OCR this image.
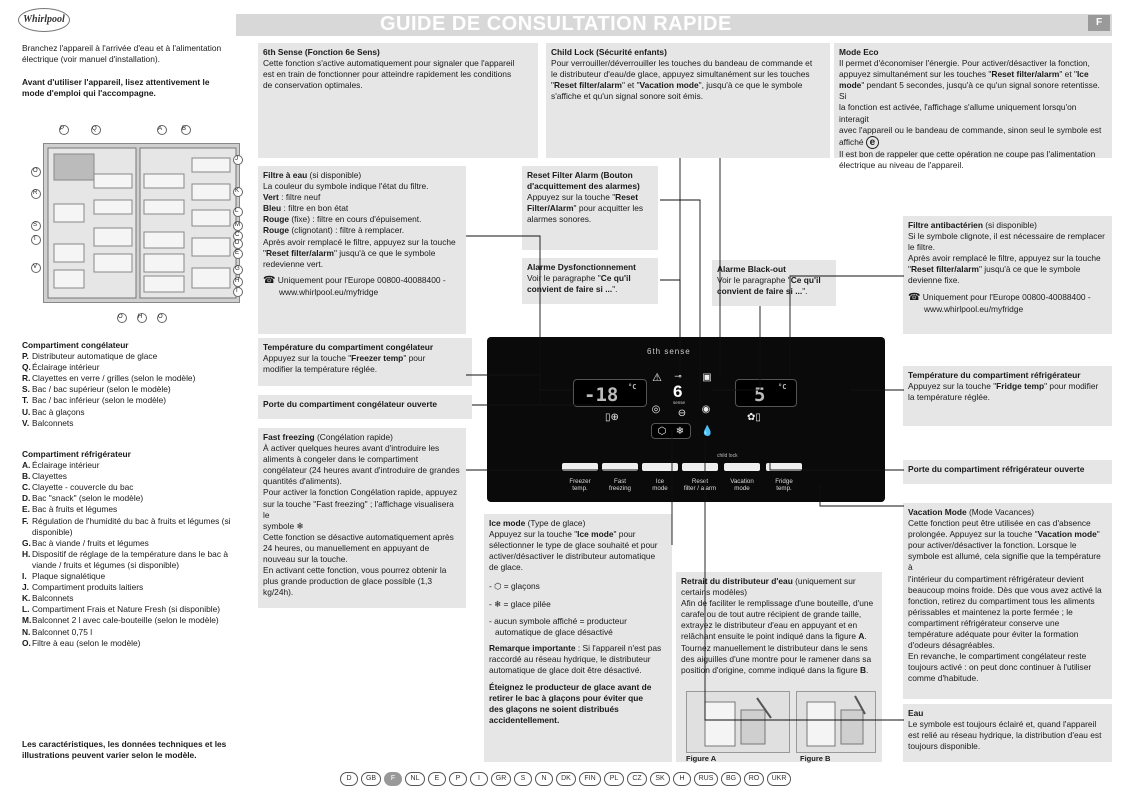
Whirlpool	GUIDE DE CONSULTATION RAPIDE	F
Branchez l'appareil à l'arrivée d'eau et à l'alimentation
électrique (voir manuel d'installation).
Avant d'utiliser l'appareil, lisez attentivement le
mode d'emploi qui l'accompagne.
P	Q	A	B
O
R
S
T
V
J
K
L
M
C
D
E
G
H
I
O	H	O
Compartiment congélateur
P. Distributeur automatique de glace
Q.Éclairage intérieur
R. Clayettes en verre / grilles (selon le modèle)
S. Bac / bac supérieur (selon le modèle)
T. Bac / bac inférieur (selon le modèle)
U. Bac à glaçons
V. Balconnets
Compartiment réfrigérateur
A. Éclairage intérieur
B. Clayettes
C. Clayette - couvercle du bac
D. Bac "snack" (selon le modèle)
E. Bac à fruits et légumes
F. Régulation de l'humidité du bac à fruits et légumes (si
disponible)
G.Bac à viande / fruits et légumes
H. Dispositif de réglage de la température dans le bac à
viande / fruits et légumes (si disponible)
I. Plaque signalétique
J. Compartiment produits laitiers
K. Balconnets
L. Compartiment Frais et Nature Fresh (si disponible)
M.Balconnet 2 l avec cale-bouteille (selon le modèle)
N. Balconnet 0,75 l
O.Filtre à eau (selon le modèle)
Les caractéristiques, les données techniques et les
illustrations peuvent varier selon le modèle.
6th Sense (Fonction 6e Sens)

Cette fonction s'active automatiquement pour signaler que l'appareil

est en train de fonctionner pour atteindre rapidement les conditions

de conservation optimales.

Child Lock (Sécurité enfants)

Pour verrouiller/déverrouiller les touches du bandeau de commande et

le distributeur d'eau/de glace, appuyez simultanément sur les touches

"Reset filter/alarm" et "Vacation mode", jusqu'à ce que le symbole

s'affiche et qu'un signal sonore soit émis.

Mode Eco

Il permet d'économiser l'énergie. Pour activer/désactiver la fonction,

appuyez simultanément sur les touches "Reset filter/alarm" et "Ice

mode" pendant 5 secondes, jusqu'à ce qu'un signal sonore retentisse. Si

la fonction est activée, l'affichage s'allume uniquement lorsqu'on interagit

avec l'appareil ou le bandeau de commande, sinon seul le symbole est

affiché e

Il est bon de rappeler que cette opération ne coupe pas l'alimentation

électrique au niveau de l'appareil.

Filtre à eau (si disponible)

La couleur du symbole indique l'état du filtre.

Vert : filtre neuf

Bleu : filtre en bon état

Rouge (fixe) : filtre en cours d'épuisement.

Rouge (clignotant) : filtre à remplacer.

Après avoir remplacé le filtre, appuyez sur la touche

"Reset filter/alarm" jusqu'à ce que le symbole

redevienne vert.

☎ Uniquement pour l'Europe 00800-40088400 -

www.whirlpool.eu/myfridge

Reset Filter Alarm (Bouton
d'acquittement des alarmes)

Appuyez sur la touche "Reset

Filter/Alarm" pour acquitter les

alarmes sonores.

Alarme Dysfonctionnement

Voir le paragraphe "Ce qu'il

convient de faire si ...".

Alarme Black-out

Voir le paragraphe "Ce qu'il

convient de faire si ...".

Filtre antibactérien (si disponible)

Si le symbole clignote, il est nécessaire de remplacer

le filtre.

Après avoir remplacé le filtre, appuyez sur la touche

"Reset filter/alarm" jusqu'à ce que le symbole

devienne fixe.

☎ Uniquement pour l'Europe 00800-40088400 -

www.whirlpool.eu/myfridge

Température du compartiment congélateur

Appuyez sur la touche "Freezer temp" pour

modifier la température réglée.

Porte du compartiment congélateur ouverte
Fast freezing (Congélation rapide)

À activer quelques heures avant d'introduire les

aliments à congeler dans le compartiment

congélateur (24 heures avant d'introduire de grandes

quantités d'aliments).

Pour activer la fonction Congélation rapide, appuyez

sur la touche "Fast freezing" ; l'affichage visualisera le

symbole ❄

Cette fonction se désactive automatiquement après

24 heures, ou manuellement en appuyant de

nouveau sur la touche.

En activant cette fonction, vous pourrez obtenir la

plus grande production de glace possible (1,3

kg/24h).

Température du compartiment réfrigérateur

Appuyez sur la touche "Fridge temp" pour modifier

la température réglée.

Porte du compartiment réfrigérateur ouverte
Vacation Mode (Mode Vacances)

Cette fonction peut être utilisée en cas d'absence

prolongée. Appuyez sur la touche "Vacation mode"

pour activer/désactiver la fonction. Lorsque le

symbole est allumé, cela signifie que la température à

l'intérieur du compartiment réfrigérateur devient

beaucoup moins froide. Dès que vous avez activé la

fonction, retirez du compartiment tous les aliments

périssables et maintenez la porte fermée ; le

compartiment réfrigérateur conserve une

température adéquate pour éviter la formation

d'odeurs désagréables.

En revanche, le compartiment congélateur reste

toujours activé : on peut donc continuer à l'utiliser

comme d'habitude.

Eau

Le symbole est toujours éclairé et, quand l'appareil

est relié au réseau hydrique, la distribution d'eau est

toujours disponible.

Ice mode (Type de glace)

Appuyez sur la touche "Ice mode" pour

sélectionner le type de glace souhaité et pour

activer/désactiver le distributeur automatique

de glace.

- ⬡ = glaçons

- ❄ = glace pilée

- aucun symbole affiché = producteur

automatique de glace désactivé

Remarque importante : Si l'appareil n'est pas

raccordé au réseau hydrique, le distributeur

automatique de glace doit être désactivé.

Éteignez le producteur de glace avant de

retirer le bac à glaçons pour éviter que

des glaçons ne soient distribués

accidentellement.

Retrait du distributeur d'eau (uniquement sur

certains modèles)

Afin de faciliter le remplissage d'une bouteille, d'une

carafe ou de tout autre récipient de grande taille,

extrayez le distributeur d'eau en appuyant et en

relâchant ensuite le point indiqué dans la figure A.

Tournez manuellement le distributeur dans le sens

des aiguilles d'une montre pour le ramener dans sa

position d'origine, comme indiqué dans la figure B.

Figure A	Figure B
6th sense
-18 °C	5 °C
⚠	⊸	▣
6
sense
◎ ⊖ ◉
▯⊕	✿▯
⬡ ❄ 💧
child lock
Freezer
temp.
Fast
freezing
Ice
mode
Reset
filter / alarm
Vacation
mode
Fridge
temp.
D	GB	F	NL	E	P	I	GR	S	N	DK	FIN	PL	CZ	SK	H	RUS	BG	RO	UKR
